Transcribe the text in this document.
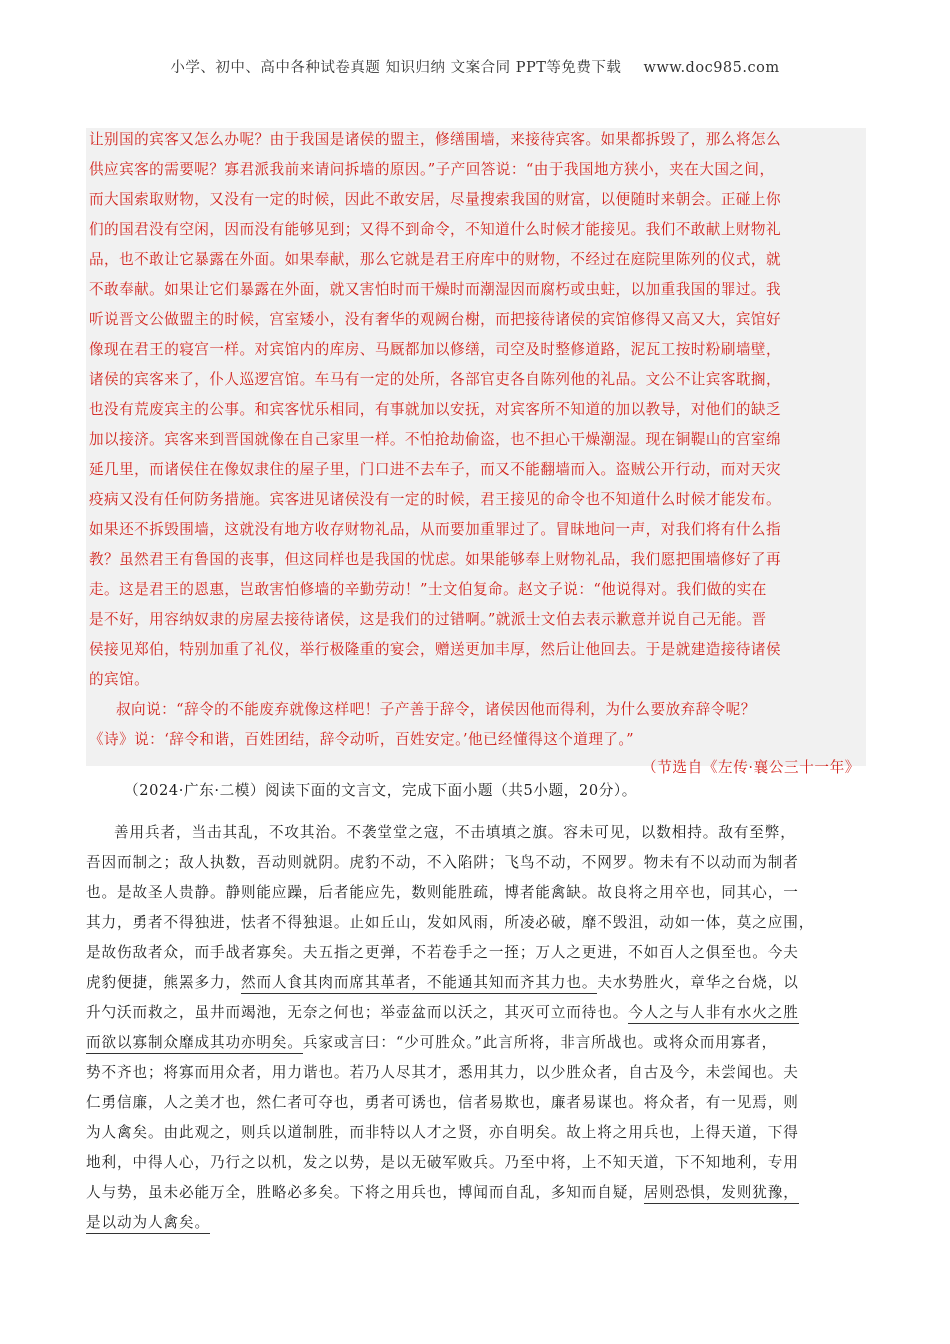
小学、初中、高中各种试卷真题 知识归纳 文案合同 PPT等免费下载 www.doc985.com
让别国的宾客又怎么办呢？由于我国是诸侯的盟主，修缮围墙，来接待宾客。如果都拆毁了，那么将怎么
供应宾客的需要呢？寡君派我前来请问拆墙的原因。”子产回答说：“由于我国地方狭小，夹在大国之间，
而大国索取财物，又没有一定的时候，因此不敢安居，尽量搜索我国的财富，以便随时来朝会。正碰上你
们的国君没有空闲，因而没有能够见到；又得不到命令，不知道什么时候才能接见。我们不敢献上财物礼
品，也不敢让它暴露在外面。如果奉献，那么它就是君王府库中的财物，不经过在庭院里陈列的仪式，就
不敢奉献。如果让它们暴露在外面，就又害怕时而干燥时而潮湿因而腐朽或虫蛀，以加重我国的罪过。我
听说晋文公做盟主的时候，宫室矮小，没有奢华的观阙台榭，而把接待诸侯的宾馆修得又高又大，宾馆好
像现在君王的寝宫一样。对宾馆内的库房、马厩都加以修缮，司空及时整修道路，泥瓦工按时粉刷墙壁，
诸侯的宾客来了，仆人巡逻宫馆。车马有一定的处所，各部官吏各自陈列他的礼品。文公不让宾客耽搁，
也没有荒废宾主的公事。和宾客忧乐相同，有事就加以安抚，对宾客所不知道的加以教导，对他们的缺乏
加以接济。宾客来到晋国就像在自己家里一样。不怕抢劫偷盗，也不担心干燥潮湿。现在铜鞮山的宫室绵
延几里，而诸侯住在像奴隶住的屋子里，门口进不去车子，而又不能翻墙而入。盗贼公开行动，而对天灾
疫病又没有任何防务措施。宾客进见诸侯没有一定的时候，君王接见的命令也不知道什么时候才能发布。
如果还不拆毁围墙，这就没有地方收存财物礼品，从而要加重罪过了。冒昧地问一声，对我们将有什么指
教？虽然君王有鲁国的丧事，但这同样也是我国的忧虑。如果能够奉上财物礼品，我们愿把围墙修好了再
走。这是君王的恩惠，岂敢害怕修墙的辛勤劳动！”士文伯复命。赵文子说：“他说得对。我们做的实在
是不好，用容纳奴隶的房屋去接待诸侯，这是我们的过错啊。”就派士文伯去表示歉意并说自己无能。晋
侯接见郑伯，特别加重了礼仪，举行极隆重的宴会，赠送更加丰厚，然后让他回去。于是就建造接待诸侯
的宾馆。
叔向说：“辞令的不能废弃就像这样吧！子产善于辞令，诸侯因他而得利，为什么要放弃辞令呢？
《诗》说：‘辞令和谐，百姓团结，辞令动听，百姓安定。’他已经懂得这个道理了。”
（节选自《左传·襄公三十一年》
（2024·广东·二模）阅读下面的文言文，完成下面小题（共5小题，20分）。
善用兵者，当击其乱，不攻其治。不袭堂堂之寇，不击填填之旗。容未可见，以数相持。敌有至弊，
吾因而制之；敌人执数，吾动则就阴。虎豹不动，不入陷阱；飞鸟不动，不网罗。物未有不以动而为制者
也。是故圣人贵静。静则能应躁，后者能应先，数则能胜疏，博者能禽缺。故良将之用卒也，同其心，一
其力，勇者不得独进，怯者不得独退。止如丘山，发如风雨，所凌必破，靡不毁沮，动如一体，莫之应围，
是故伤敌者众，而手战者寡矣。夫五指之更弹，不若卷手之一挃；万人之更进，不如百人之俱至也。今夫
虎豹便捷，熊罴多力，然而人食其肉而席其革者，不能通其知而齐其力也。夫水势胜火，章华之台烧，以
升勺沃而救之，虽井而竭池，无奈之何也；举壶盆而以沃之，其灭可立而待也。今人之与人非有水火之胜
而欲以寡制众靡成其功亦明矣。兵家或言曰：“少可胜众。”此言所将，非言所战也。或将众而用寡者，
势不齐也；将寡而用众者，用力谐也。若乃人尽其才，悉用其力，以少胜众者，自古及今，未尝闻也。夫
仁勇信廉，人之美才也，然仁者可夺也，勇者可诱也，信者易欺也，廉者易谋也。将众者，有一见焉，则
为人禽矣。由此观之，则兵以道制胜，而非特以人才之贤，亦自明矣。故上将之用兵也，上得天道，下得
地利，中得人心，乃行之以机，发之以势，是以无破军败兵。乃至中将，上不知天道，下不知地利，专用
人与势，虽未必能万全，胜略必多矣。下将之用兵也，博闻而自乱，多知而自疑，居则恐惧，发则犹豫，
是以动为人禽矣。
